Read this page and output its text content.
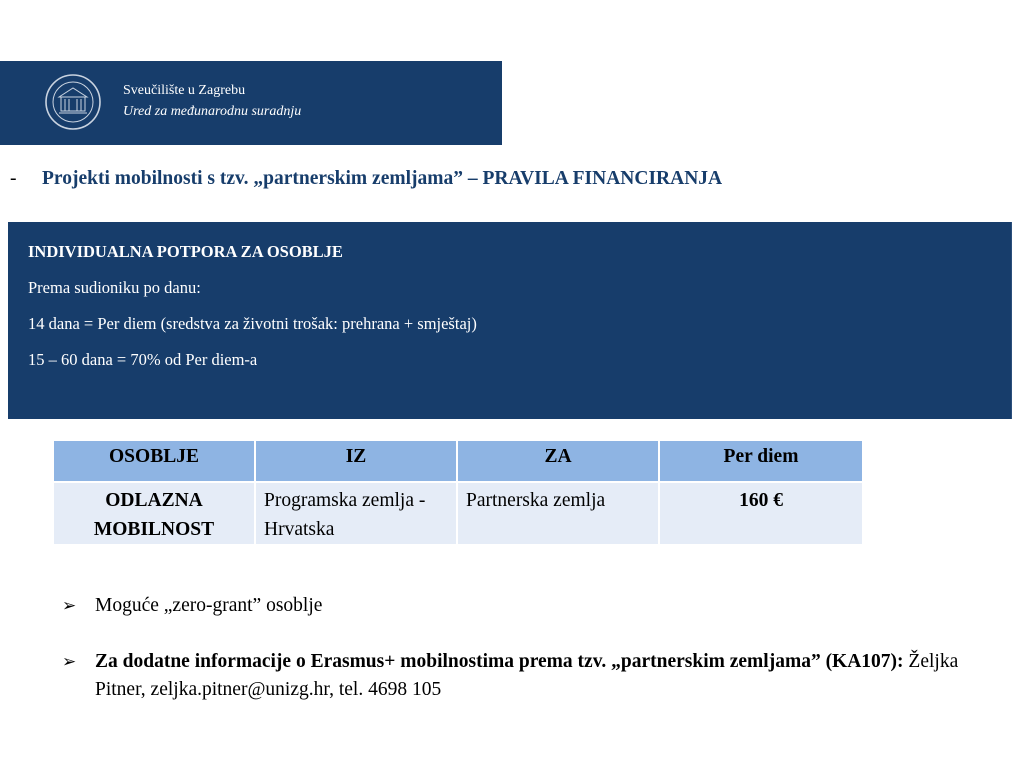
Sveučilište u Zagrebu
Ured za međunarodnu suradnju
- Projekti mobilnosti s tzv. „partnerskim zemljama” – PRAVILA FINANCIRANJA
INDIVIDUALNA POTPORA ZA OSOBLJE
Prema sudioniku po danu:
14 dana = Per diem (sredstva za životni trošak: prehrana + smještaj)
15 – 60 dana = 70% od Per diem-a
OSOBLJE	IZ	ZA	Per diem
ODLAZNA MOBILNOST	Programska zemlja - Hrvatska	Partnerska zemlja	160 €
➢ Moguće „zero-grant” osoblje
➢ Za dodatne informacije o Erasmus+ mobilnostima prema tzv. „partnerskim zemljama” (KA107): Željka Pitner, zeljka.pitner@unizg.hr, tel. 4698 105
